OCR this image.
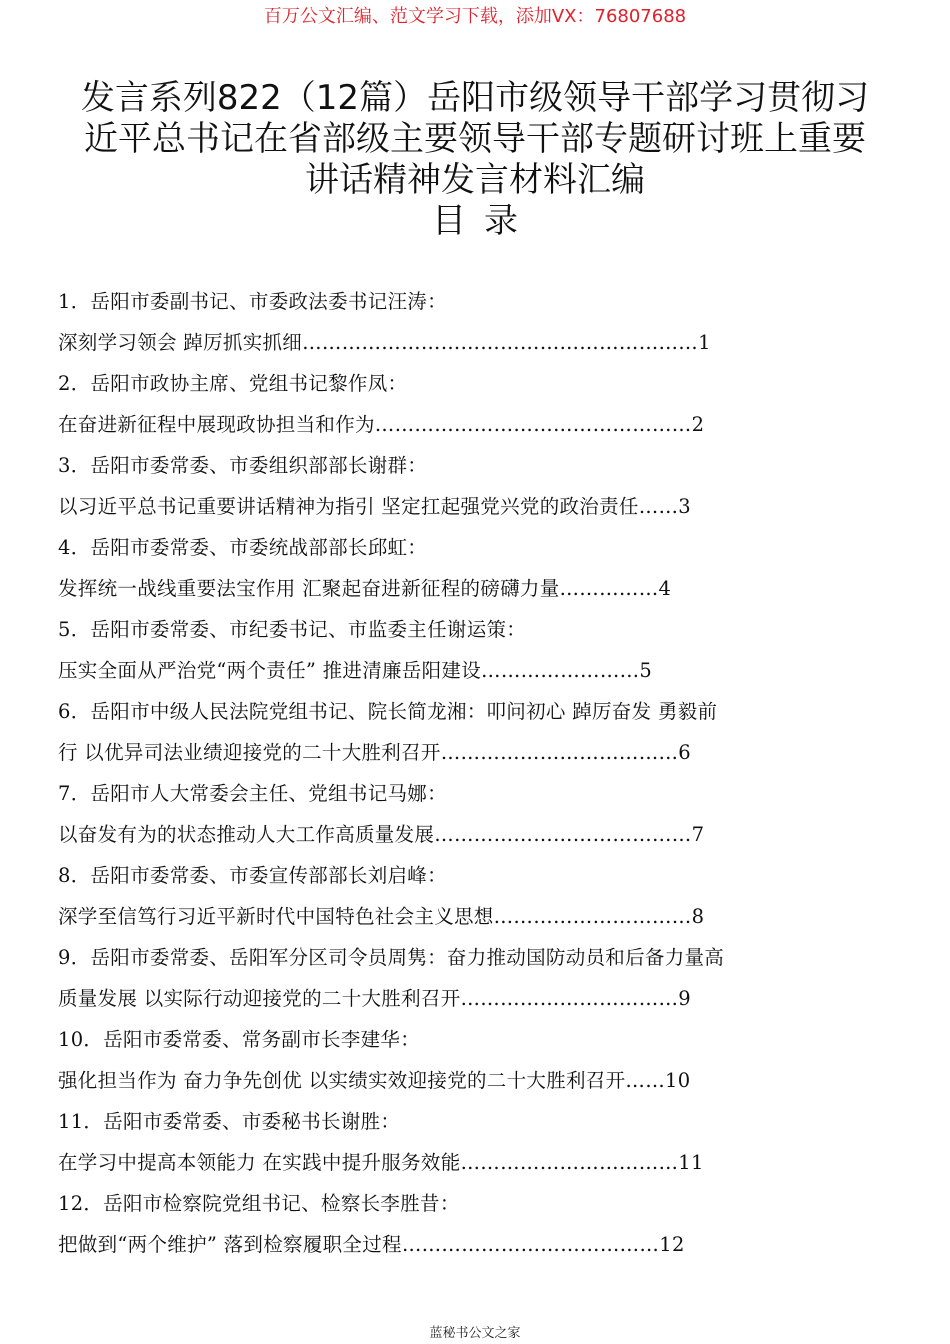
百万公文汇编、范文学习下载，添加VX：76807688
发言系列822（12篇）岳阳市级领导干部学习贯彻习
近平总书记在省部级主要领导干部专题研讨班上重要
讲话精神发言材料汇编
目录
1．岳阳市委副书记、市委政法委书记汪涛：
深刻学习领会 踔厉抓实抓细……………………………………………………1
2．岳阳市政协主席、党组书记黎作凤：
在奋进新征程中展现政协担当和作为…………………………………………2
3．岳阳市委常委、市委组织部部长谢群：
以习近平总书记重要讲话精神为指引 坚定扛起强党兴党的政治责任……3
4．岳阳市委常委、市委统战部部长邱虹：
发挥统一战线重要法宝作用 汇聚起奋进新征程的磅礴力量……………4
5．岳阳市委常委、市纪委书记、市监委主任谢运策：
压实全面从严治党“两个责任” 推进清廉岳阳建设……………………5
6．岳阳市中级人民法院党组书记、院长简龙湘：叩问初心 踔厉奋发 勇毅前
行 以优异司法业绩迎接党的二十大胜利召开………………………………6
7．岳阳市人大常委会主任、党组书记马娜：
以奋发有为的状态推动人大工作高质量发展…………………………………7
8．岳阳市委常委、市委宣传部部长刘启峰：
深学至信笃行习近平新时代中国特色社会主义思想…………………………8
9．岳阳市委常委、岳阳军分区司令员周隽：奋力推动国防动员和后备力量高
质量发展 以实际行动迎接党的二十大胜利召开……………………………9
10．岳阳市委常委、常务副市长李建华：
强化担当作为 奋力争先创优 以实绩实效迎接党的二十大胜利召开……10
11．岳阳市委常委、市委秘书长谢胜：
在学习中提高本领能力 在实践中提升服务效能……………………………11
12．岳阳市检察院党组书记、检察长李胜昔：
把做到“两个维护” 落到检察履职全过程…………………………………12
蓝秘书公文之家
